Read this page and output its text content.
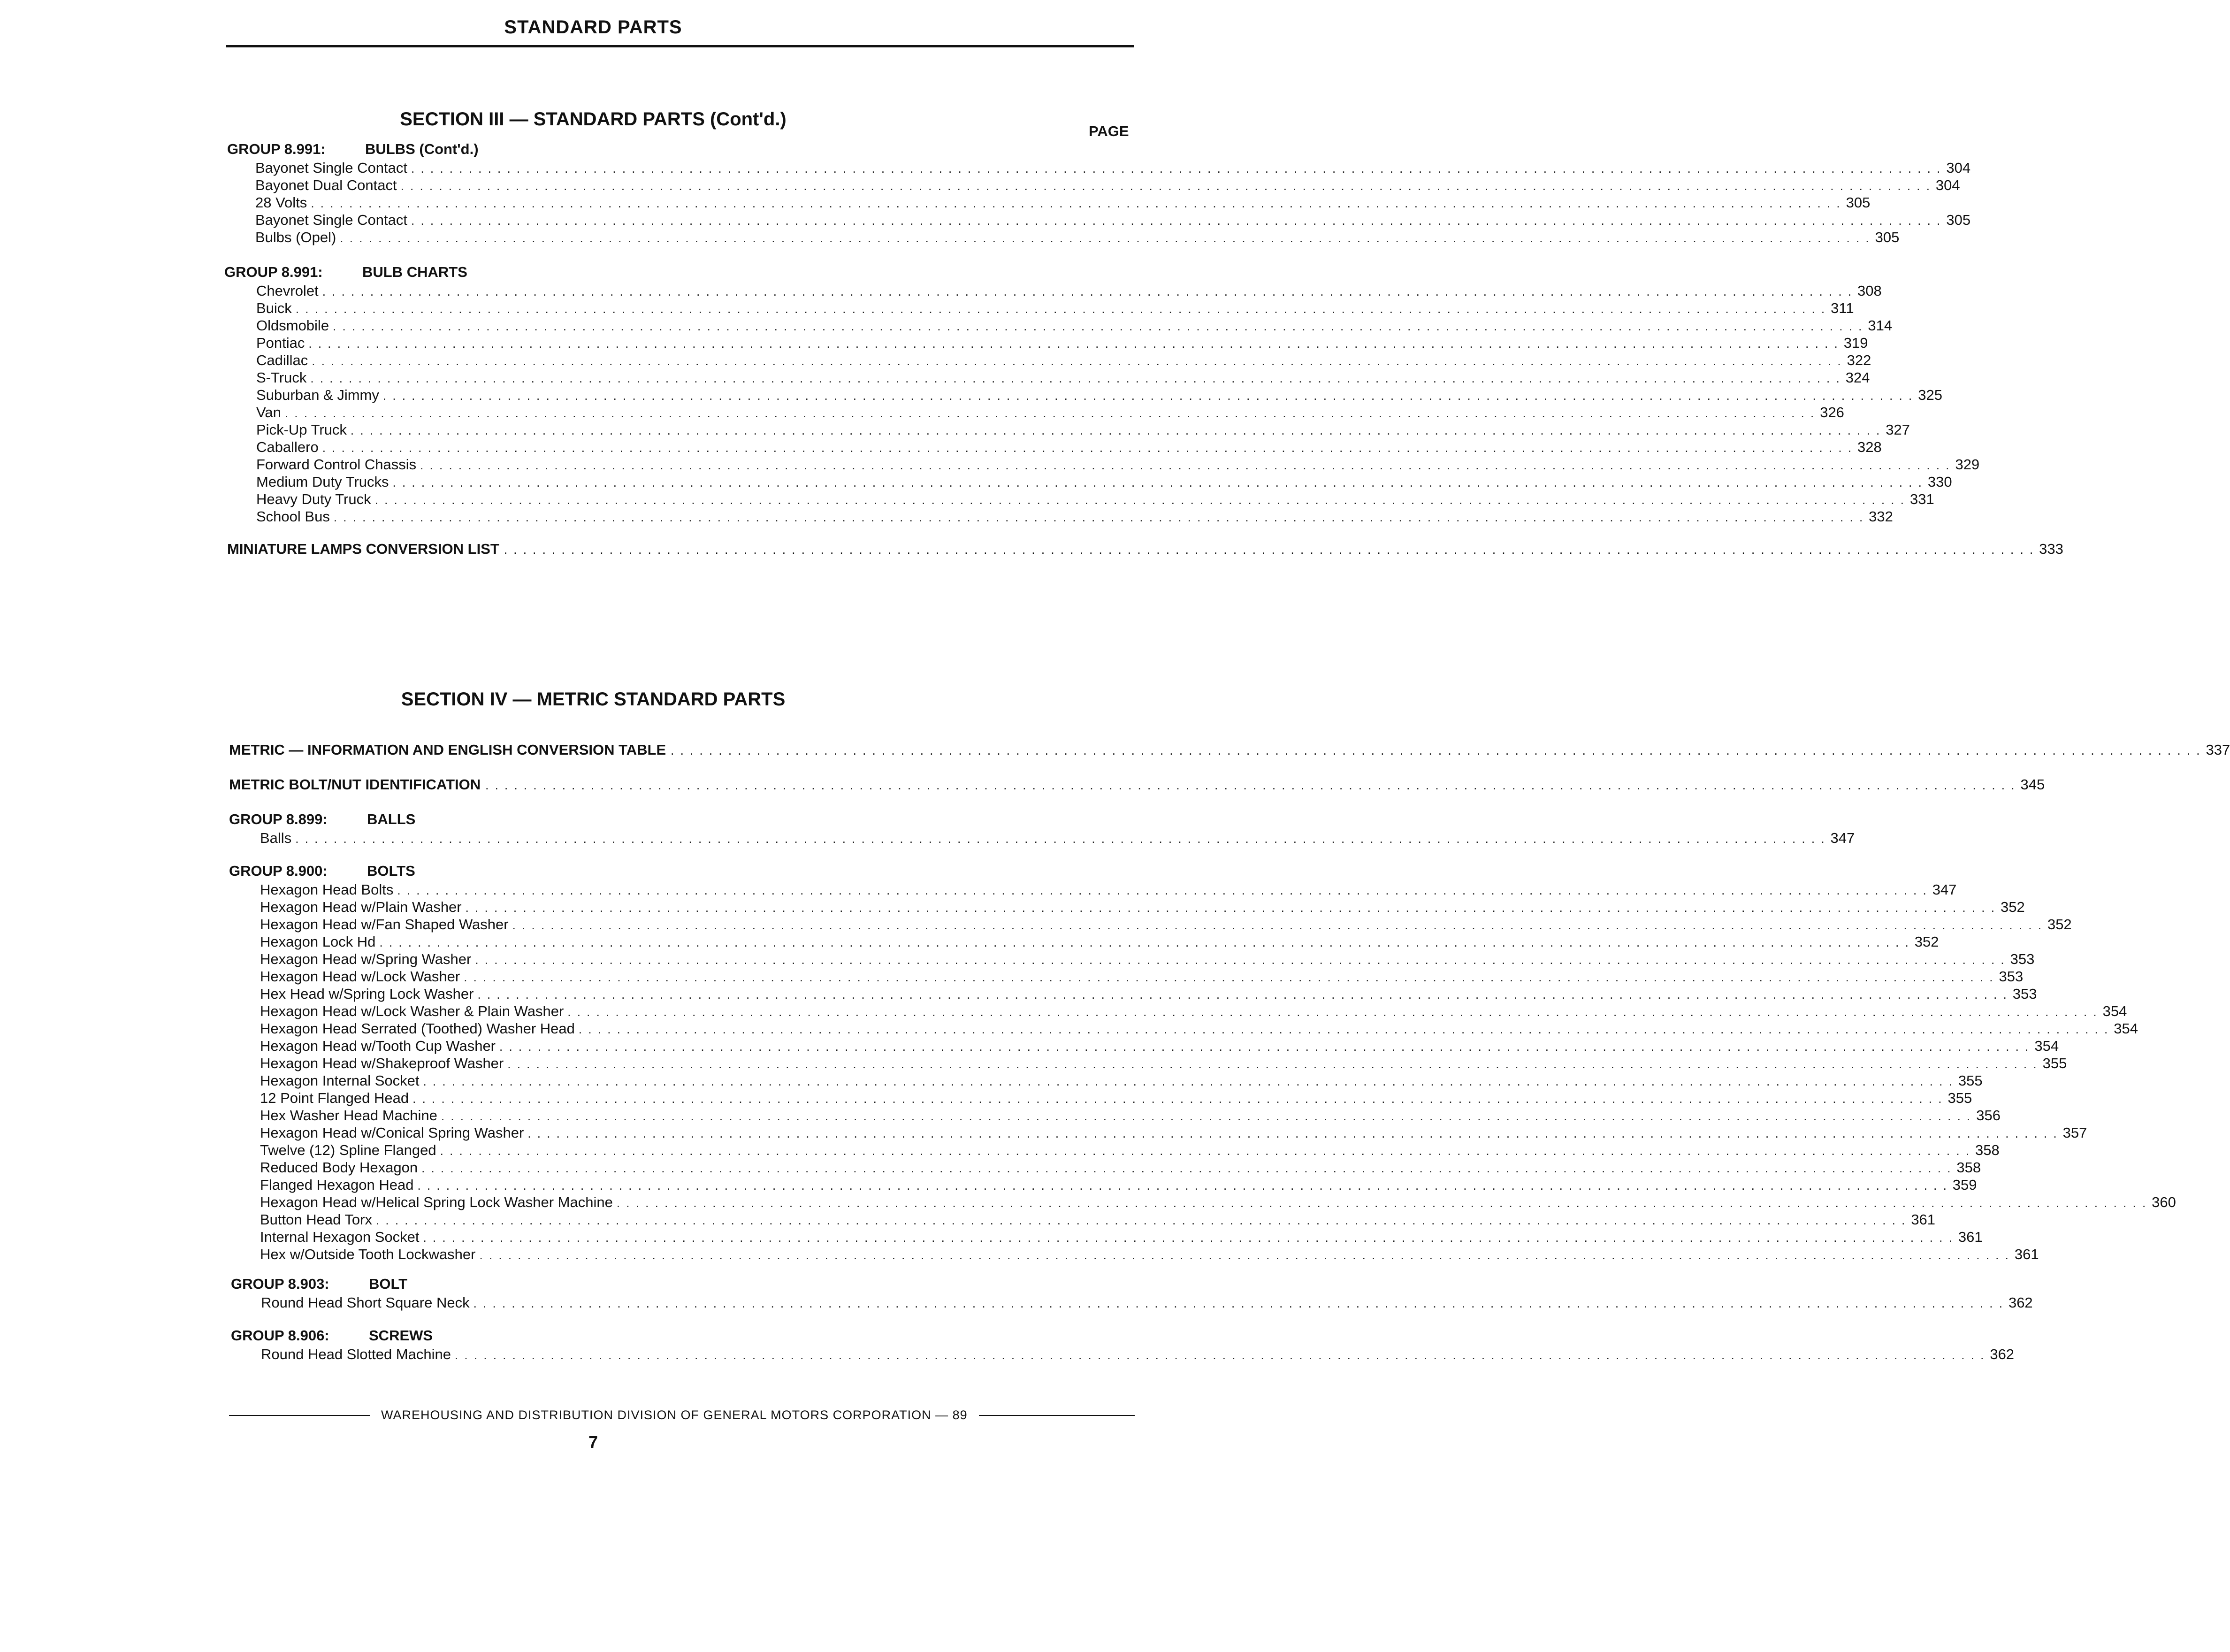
STANDARD PARTS
SECTION III — STANDARD PARTS (Cont'd.)
PAGE
GROUP 8.991:	BULBS (Cont'd.)
Bayonet Single Contact . . . . . . . . . . . . . . . . . . . . . . . . . . . . . . . . . . . . . . . . . . . . . . . . . . . . . . . . . . . . . . . . . . . . . . . . . . . . . . . . . . . . . . . . . . . . . . . . . . . . . . . . . . . . . . . . . . . . . . . . . . . . . . . . . . . . . . . . . . . . . . . . . . . . . . . . . . . . . . . . 304
Bayonet Dual Contact . . . . . . . . . . . . . . . . . . . . . . . . . . . . . . . . . . . . . . . . . . . . . . . . . . . . . . . . . . . . . . . . . . . . . . . . . . . . . . . . . . . . . . . . . . . . . . . . . . . . . . . . . . . . . . . . . . . . . . . . . . . . . . . . . . . . . . . . . . . . . . . . . . . . . . . . . . . . . . . . 304
28 Volts . . . . . . . . . . . . . . . . . . . . . . . . . . . . . . . . . . . . . . . . . . . . . . . . . . . . . . . . . . . . . . . . . . . . . . . . . . . . . . . . . . . . . . . . . . . . . . . . . . . . . . . . . . . . . . . . . . . . . . . . . . . . . . . . . . . . . . . . . . . . . . . . . . . . . . . . . . . . . . . . 305
Bayonet Single Contact . . . . . . . . . . . . . . . . . . . . . . . . . . . . . . . . . . . . . . . . . . . . . . . . . . . . . . . . . . . . . . . . . . . . . . . . . . . . . . . . . . . . . . . . . . . . . . . . . . . . . . . . . . . . . . . . . . . . . . . . . . . . . . . . . . . . . . . . . . . . . . . . . . . . . . . . . . . . . . . . 305
Bulbs (Opel) . . . . . . . . . . . . . . . . . . . . . . . . . . . . . . . . . . . . . . . . . . . . . . . . . . . . . . . . . . . . . . . . . . . . . . . . . . . . . . . . . . . . . . . . . . . . . . . . . . . . . . . . . . . . . . . . . . . . . . . . . . . . . . . . . . . . . . . . . . . . . . . . . . . . . . . . . . . . . . . . 305
GROUP 8.991:	BULB CHARTS
Chevrolet . . . . . . . . . . . . . . . . . . . . . . . . . . . . . . . . . . . . . . . . . . . . . . . . . . . . . . . . . . . . . . . . . . . . . . . . . . . . . . . . . . . . . . . . . . . . . . . . . . . . . . . . . . . . . . . . . . . . . . . . . . . . . . . . . . . . . . . . . . . . . . . . . . . . . . . . . . . . . . . . 308
Buick . . . . . . . . . . . . . . . . . . . . . . . . . . . . . . . . . . . . . . . . . . . . . . . . . . . . . . . . . . . . . . . . . . . . . . . . . . . . . . . . . . . . . . . . . . . . . . . . . . . . . . . . . . . . . . . . . . . . . . . . . . . . . . . . . . . . . . . . . . . . . . . . . . . . . . . . . . . . . . . . 311
Oldsmobile . . . . . . . . . . . . . . . . . . . . . . . . . . . . . . . . . . . . . . . . . . . . . . . . . . . . . . . . . . . . . . . . . . . . . . . . . . . . . . . . . . . . . . . . . . . . . . . . . . . . . . . . . . . . . . . . . . . . . . . . . . . . . . . . . . . . . . . . . . . . . . . . . . . . . . . . . . . . . . . . 314
Pontiac . . . . . . . . . . . . . . . . . . . . . . . . . . . . . . . . . . . . . . . . . . . . . . . . . . . . . . . . . . . . . . . . . . . . . . . . . . . . . . . . . . . . . . . . . . . . . . . . . . . . . . . . . . . . . . . . . . . . . . . . . . . . . . . . . . . . . . . . . . . . . . . . . . . . . . . . . . . . . . . . 319
Cadillac . . . . . . . . . . . . . . . . . . . . . . . . . . . . . . . . . . . . . . . . . . . . . . . . . . . . . . . . . . . . . . . . . . . . . . . . . . . . . . . . . . . . . . . . . . . . . . . . . . . . . . . . . . . . . . . . . . . . . . . . . . . . . . . . . . . . . . . . . . . . . . . . . . . . . . . . . . . . . . . . 322
S-Truck . . . . . . . . . . . . . . . . . . . . . . . . . . . . . . . . . . . . . . . . . . . . . . . . . . . . . . . . . . . . . . . . . . . . . . . . . . . . . . . . . . . . . . . . . . . . . . . . . . . . . . . . . . . . . . . . . . . . . . . . . . . . . . . . . . . . . . . . . . . . . . . . . . . . . . . . . . . . . . . . 324
Suburban & Jimmy . . . . . . . . . . . . . . . . . . . . . . . . . . . . . . . . . . . . . . . . . . . . . . . . . . . . . . . . . . . . . . . . . . . . . . . . . . . . . . . . . . . . . . . . . . . . . . . . . . . . . . . . . . . . . . . . . . . . . . . . . . . . . . . . . . . . . . . . . . . . . . . . . . . . . . . . . . . . . . . . 325
Van . . . . . . . . . . . . . . . . . . . . . . . . . . . . . . . . . . . . . . . . . . . . . . . . . . . . . . . . . . . . . . . . . . . . . . . . . . . . . . . . . . . . . . . . . . . . . . . . . . . . . . . . . . . . . . . . . . . . . . . . . . . . . . . . . . . . . . . . . . . . . . . . . . . . . . . . . . . . . . . . 326
Pick-Up Truck . . . . . . . . . . . . . . . . . . . . . . . . . . . . . . . . . . . . . . . . . . . . . . . . . . . . . . . . . . . . . . . . . . . . . . . . . . . . . . . . . . . . . . . . . . . . . . . . . . . . . . . . . . . . . . . . . . . . . . . . . . . . . . . . . . . . . . . . . . . . . . . . . . . . . . . . . . . . . . . . 327
Caballero . . . . . . . . . . . . . . . . . . . . . . . . . . . . . . . . . . . . . . . . . . . . . . . . . . . . . . . . . . . . . . . . . . . . . . . . . . . . . . . . . . . . . . . . . . . . . . . . . . . . . . . . . . . . . . . . . . . . . . . . . . . . . . . . . . . . . . . . . . . . . . . . . . . . . . . . . . . . . . . . 328
Forward Control Chassis . . . . . . . . . . . . . . . . . . . . . . . . . . . . . . . . . . . . . . . . . . . . . . . . . . . . . . . . . . . . . . . . . . . . . . . . . . . . . . . . . . . . . . . . . . . . . . . . . . . . . . . . . . . . . . . . . . . . . . . . . . . . . . . . . . . . . . . . . . . . . . . . . . . . . . . . . . . . . . . . 329
Medium Duty Trucks . . . . . . . . . . . . . . . . . . . . . . . . . . . . . . . . . . . . . . . . . . . . . . . . . . . . . . . . . . . . . . . . . . . . . . . . . . . . . . . . . . . . . . . . . . . . . . . . . . . . . . . . . . . . . . . . . . . . . . . . . . . . . . . . . . . . . . . . . . . . . . . . . . . . . . . . . . . . . . . . 330
Heavy Duty Truck . . . . . . . . . . . . . . . . . . . . . . . . . . . . . . . . . . . . . . . . . . . . . . . . . . . . . . . . . . . . . . . . . . . . . . . . . . . . . . . . . . . . . . . . . . . . . . . . . . . . . . . . . . . . . . . . . . . . . . . . . . . . . . . . . . . . . . . . . . . . . . . . . . . . . . . . . . . . . . . . 331
School Bus . . . . . . . . . . . . . . . . . . . . . . . . . . . . . . . . . . . . . . . . . . . . . . . . . . . . . . . . . . . . . . . . . . . . . . . . . . . . . . . . . . . . . . . . . . . . . . . . . . . . . . . . . . . . . . . . . . . . . . . . . . . . . . . . . . . . . . . . . . . . . . . . . . . . . . . . . . . . . . . . 332
MINIATURE LAMPS CONVERSION LIST . . . . . . . . . . . . . . . . . . . . . . . . . . . . . . . . . . . . . . . . . . . . . . . . . . . . . . . . . . . . . . . . . . . . . . . . . . . . . . . . . . . . . . . . . . . . . . . . . . . . . . . . . . . . . . . . . . . . . . . . . . . . . . . . . . . . . . . . . . . . . . . . . . . . . . . . . . . . . . . . 333
SECTION IV — METRIC STANDARD PARTS
METRIC — INFORMATION AND ENGLISH CONVERSION TABLE . . . . . . . . . . . . . . . . . . . . . . . . . . . . . . . . . . . . . . . . . . . . . . . . . . . . . . . . . . . . . . . . . . . . . . . . . . . . . . . . . . . . . . . . . . . . . . . . . . . . . . . . . . . . . . . . . . . . . . . . . . . . . . . . . . . . . . . . . . . . . . . . . . . . . . . . . . . . . . . . 337
METRIC BOLT/NUT IDENTIFICATION . . . . . . . . . . . . . . . . . . . . . . . . . . . . . . . . . . . . . . . . . . . . . . . . . . . . . . . . . . . . . . . . . . . . . . . . . . . . . . . . . . . . . . . . . . . . . . . . . . . . . . . . . . . . . . . . . . . . . . . . . . . . . . . . . . . . . . . . . . . . . . . . . . . . . . . . . . . . . . . . 345
GROUP 8.899:	BALLS
Balls . . . . . . . . . . . . . . . . . . . . . . . . . . . . . . . . . . . . . . . . . . . . . . . . . . . . . . . . . . . . . . . . . . . . . . . . . . . . . . . . . . . . . . . . . . . . . . . . . . . . . . . . . . . . . . . . . . . . . . . . . . . . . . . . . . . . . . . . . . . . . . . . . . . . . . . . . . . . . . . . 347
GROUP 8.900:	BOLTS
Hexagon Head Bolts . . . . . . . . . . . . . . . . . . . . . . . . . . . . . . . . . . . . . . . . . . . . . . . . . . . . . . . . . . . . . . . . . . . . . . . . . . . . . . . . . . . . . . . . . . . . . . . . . . . . . . . . . . . . . . . . . . . . . . . . . . . . . . . . . . . . . . . . . . . . . . . . . . . . . . . . . . . . . . . . 347
Hexagon Head w/Plain Washer . . . . . . . . . . . . . . . . . . . . . . . . . . . . . . . . . . . . . . . . . . . . . . . . . . . . . . . . . . . . . . . . . . . . . . . . . . . . . . . . . . . . . . . . . . . . . . . . . . . . . . . . . . . . . . . . . . . . . . . . . . . . . . . . . . . . . . . . . . . . . . . . . . . . . . . . . . . . . . . . 352
Hexagon Head w/Fan Shaped Washer . . . . . . . . . . . . . . . . . . . . . . . . . . . . . . . . . . . . . . . . . . . . . . . . . . . . . . . . . . . . . . . . . . . . . . . . . . . . . . . . . . . . . . . . . . . . . . . . . . . . . . . . . . . . . . . . . . . . . . . . . . . . . . . . . . . . . . . . . . . . . . . . . . . . . . . . . . . . . . . . 352
Hexagon Lock Hd . . . . . . . . . . . . . . . . . . . . . . . . . . . . . . . . . . . . . . . . . . . . . . . . . . . . . . . . . . . . . . . . . . . . . . . . . . . . . . . . . . . . . . . . . . . . . . . . . . . . . . . . . . . . . . . . . . . . . . . . . . . . . . . . . . . . . . . . . . . . . . . . . . . . . . . . . . . . . . . . 352
Hexagon Head w/Spring Washer . . . . . . . . . . . . . . . . . . . . . . . . . . . . . . . . . . . . . . . . . . . . . . . . . . . . . . . . . . . . . . . . . . . . . . . . . . . . . . . . . . . . . . . . . . . . . . . . . . . . . . . . . . . . . . . . . . . . . . . . . . . . . . . . . . . . . . . . . . . . . . . . . . . . . . . . . . . . . . . . 353
Hexagon Head w/Lock Washer . . . . . . . . . . . . . . . . . . . . . . . . . . . . . . . . . . . . . . . . . . . . . . . . . . . . . . . . . . . . . . . . . . . . . . . . . . . . . . . . . . . . . . . . . . . . . . . . . . . . . . . . . . . . . . . . . . . . . . . . . . . . . . . . . . . . . . . . . . . . . . . . . . . . . . . . . . . . . . . . 353
Hex Head w/Spring Lock Washer . . . . . . . . . . . . . . . . . . . . . . . . . . . . . . . . . . . . . . . . . . . . . . . . . . . . . . . . . . . . . . . . . . . . . . . . . . . . . . . . . . . . . . . . . . . . . . . . . . . . . . . . . . . . . . . . . . . . . . . . . . . . . . . . . . . . . . . . . . . . . . . . . . . . . . . . . . . . . . . . 353
Hexagon Head w/Lock Washer & Plain Washer . . . . . . . . . . . . . . . . . . . . . . . . . . . . . . . . . . . . . . . . . . . . . . . . . . . . . . . . . . . . . . . . . . . . . . . . . . . . . . . . . . . . . . . . . . . . . . . . . . . . . . . . . . . . . . . . . . . . . . . . . . . . . . . . . . . . . . . . . . . . . . . . . . . . . . . . . . . . . . . . 354
Hexagon Head Serrated (Toothed) Washer Head . . . . . . . . . . . . . . . . . . . . . . . . . . . . . . . . . . . . . . . . . . . . . . . . . . . . . . . . . . . . . . . . . . . . . . . . . . . . . . . . . . . . . . . . . . . . . . . . . . . . . . . . . . . . . . . . . . . . . . . . . . . . . . . . . . . . . . . . . . . . . . . . . . . . . . . . . . . . . . . . 354
Hexagon Head w/Tooth Cup Washer . . . . . . . . . . . . . . . . . . . . . . . . . . . . . . . . . . . . . . . . . . . . . . . . . . . . . . . . . . . . . . . . . . . . . . . . . . . . . . . . . . . . . . . . . . . . . . . . . . . . . . . . . . . . . . . . . . . . . . . . . . . . . . . . . . . . . . . . . . . . . . . . . . . . . . . . . . . . . . . . 354
Hexagon Head w/Shakeproof Washer . . . . . . . . . . . . . . . . . . . . . . . . . . . . . . . . . . . . . . . . . . . . . . . . . . . . . . . . . . . . . . . . . . . . . . . . . . . . . . . . . . . . . . . . . . . . . . . . . . . . . . . . . . . . . . . . . . . . . . . . . . . . . . . . . . . . . . . . . . . . . . . . . . . . . . . . . . . . . . . . 355
Hexagon Internal Socket . . . . . . . . . . . . . . . . . . . . . . . . . . . . . . . . . . . . . . . . . . . . . . . . . . . . . . . . . . . . . . . . . . . . . . . . . . . . . . . . . . . . . . . . . . . . . . . . . . . . . . . . . . . . . . . . . . . . . . . . . . . . . . . . . . . . . . . . . . . . . . . . . . . . . . . . . . . . . . . . 355
12 Point Flanged Head . . . . . . . . . . . . . . . . . . . . . . . . . . . . . . . . . . . . . . . . . . . . . . . . . . . . . . . . . . . . . . . . . . . . . . . . . . . . . . . . . . . . . . . . . . . . . . . . . . . . . . . . . . . . . . . . . . . . . . . . . . . . . . . . . . . . . . . . . . . . . . . . . . . . . . . . . . . . . . . . 355
Hex Washer Head Machine . . . . . . . . . . . . . . . . . . . . . . . . . . . . . . . . . . . . . . . . . . . . . . . . . . . . . . . . . . . . . . . . . . . . . . . . . . . . . . . . . . . . . . . . . . . . . . . . . . . . . . . . . . . . . . . . . . . . . . . . . . . . . . . . . . . . . . . . . . . . . . . . . . . . . . . . . . . . . . . . 356
Hexagon Head w/Conical Spring Washer . . . . . . . . . . . . . . . . . . . . . . . . . . . . . . . . . . . . . . . . . . . . . . . . . . . . . . . . . . . . . . . . . . . . . . . . . . . . . . . . . . . . . . . . . . . . . . . . . . . . . . . . . . . . . . . . . . . . . . . . . . . . . . . . . . . . . . . . . . . . . . . . . . . . . . . . . . . . . . . . 357
Twelve (12) Spline Flanged . . . . . . . . . . . . . . . . . . . . . . . . . . . . . . . . . . . . . . . . . . . . . . . . . . . . . . . . . . . . . . . . . . . . . . . . . . . . . . . . . . . . . . . . . . . . . . . . . . . . . . . . . . . . . . . . . . . . . . . . . . . . . . . . . . . . . . . . . . . . . . . . . . . . . . . . . . . . . . . . 358
Reduced Body Hexagon . . . . . . . . . . . . . . . . . . . . . . . . . . . . . . . . . . . . . . . . . . . . . . . . . . . . . . . . . . . . . . . . . . . . . . . . . . . . . . . . . . . . . . . . . . . . . . . . . . . . . . . . . . . . . . . . . . . . . . . . . . . . . . . . . . . . . . . . . . . . . . . . . . . . . . . . . . . . . . . . 358
Flanged Hexagon Head . . . . . . . . . . . . . . . . . . . . . . . . . . . . . . . . . . . . . . . . . . . . . . . . . . . . . . . . . . . . . . . . . . . . . . . . . . . . . . . . . . . . . . . . . . . . . . . . . . . . . . . . . . . . . . . . . . . . . . . . . . . . . . . . . . . . . . . . . . . . . . . . . . . . . . . . . . . . . . . . 359
Hexagon Head w/Helical Spring Lock Washer Machine . . . . . . . . . . . . . . . . . . . . . . . . . . . . . . . . . . . . . . . . . . . . . . . . . . . . . . . . . . . . . . . . . . . . . . . . . . . . . . . . . . . . . . . . . . . . . . . . . . . . . . . . . . . . . . . . . . . . . . . . . . . . . . . . . . . . . . . . . . . . . . . . . . . . . . . . . . . . . . . . 360
Button Head Torx . . . . . . . . . . . . . . . . . . . . . . . . . . . . . . . . . . . . . . . . . . . . . . . . . . . . . . . . . . . . . . . . . . . . . . . . . . . . . . . . . . . . . . . . . . . . . . . . . . . . . . . . . . . . . . . . . . . . . . . . . . . . . . . . . . . . . . . . . . . . . . . . . . . . . . . . . . . . . . . . 361
Internal Hexagon Socket . . . . . . . . . . . . . . . . . . . . . . . . . . . . . . . . . . . . . . . . . . . . . . . . . . . . . . . . . . . . . . . . . . . . . . . . . . . . . . . . . . . . . . . . . . . . . . . . . . . . . . . . . . . . . . . . . . . . . . . . . . . . . . . . . . . . . . . . . . . . . . . . . . . . . . . . . . . . . . . . 361
Hex w/Outside Tooth Lockwasher . . . . . . . . . . . . . . . . . . . . . . . . . . . . . . . . . . . . . . . . . . . . . . . . . . . . . . . . . . . . . . . . . . . . . . . . . . . . . . . . . . . . . . . . . . . . . . . . . . . . . . . . . . . . . . . . . . . . . . . . . . . . . . . . . . . . . . . . . . . . . . . . . . . . . . . . . . . . . . . . 361
GROUP 8.903:	BOLT
Round Head Short Square Neck . . . . . . . . . . . . . . . . . . . . . . . . . . . . . . . . . . . . . . . . . . . . . . . . . . . . . . . . . . . . . . . . . . . . . . . . . . . . . . . . . . . . . . . . . . . . . . . . . . . . . . . . . . . . . . . . . . . . . . . . . . . . . . . . . . . . . . . . . . . . . . . . . . . . . . . . . . . . . . . . 362
GROUP 8.906:	SCREWS
Round Head Slotted Machine . . . . . . . . . . . . . . . . . . . . . . . . . . . . . . . . . . . . . . . . . . . . . . . . . . . . . . . . . . . . . . . . . . . . . . . . . . . . . . . . . . . . . . . . . . . . . . . . . . . . . . . . . . . . . . . . . . . . . . . . . . . . . . . . . . . . . . . . . . . . . . . . . . . . . . . . . . . . . . . . 362
WAREHOUSING AND DISTRIBUTION DIVISION OF GENERAL MOTORS CORPORATION — 89
7
